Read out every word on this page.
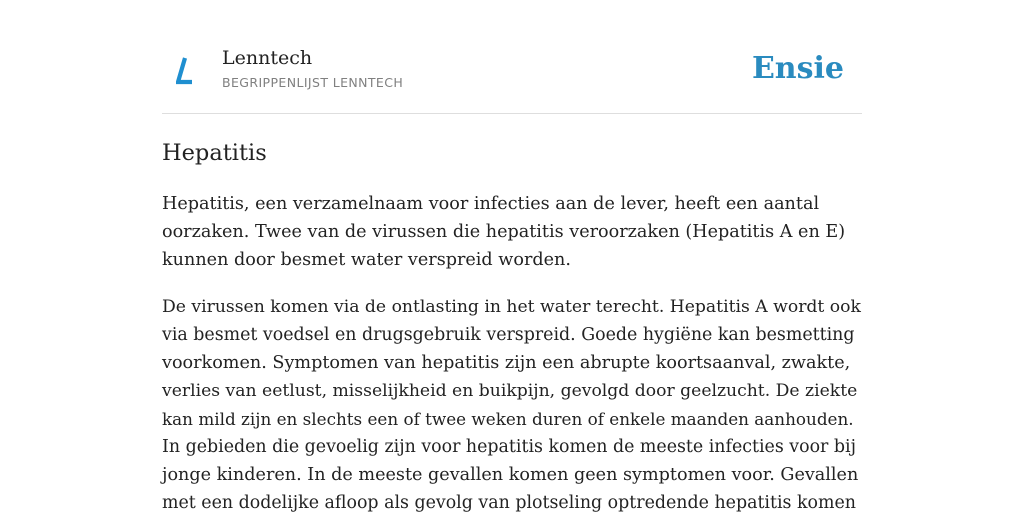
Lenntech
BEGRIPPENLIJST LENNTECH	Ensie
Hepatitis

Hepatitis, een verzamelnaam voor infecties aan de lever, heeft een aantal
oorzaken. Twee van de virussen die hepatitis veroorzaken (Hepatitis A en E)
kunnen door besmet water verspreid worden.

De virussen komen via de ontlasting in het water terecht. Hepatitis A wordt ook
via besmet voedsel en drugsgebruik verspreid. Goede hygiëne kan besmetting
voorkomen. Symptomen van hepatitis zijn een abrupte koortsaanval, zwakte,
verlies van eetlust, misselijkheid en buikpijn, gevolgd door geelzucht. De ziekte
kan mild zijn en slechts een of twee weken duren of enkele maanden aanhouden.
In gebieden die gevoelig zijn voor hepatitis komen de meeste infecties voor bij
jonge kinderen. In de meeste gevallen komen geen symptomen voor. Gevallen
met een dodelijke afloop als gevolg van plotseling optredende hepatitis komen
